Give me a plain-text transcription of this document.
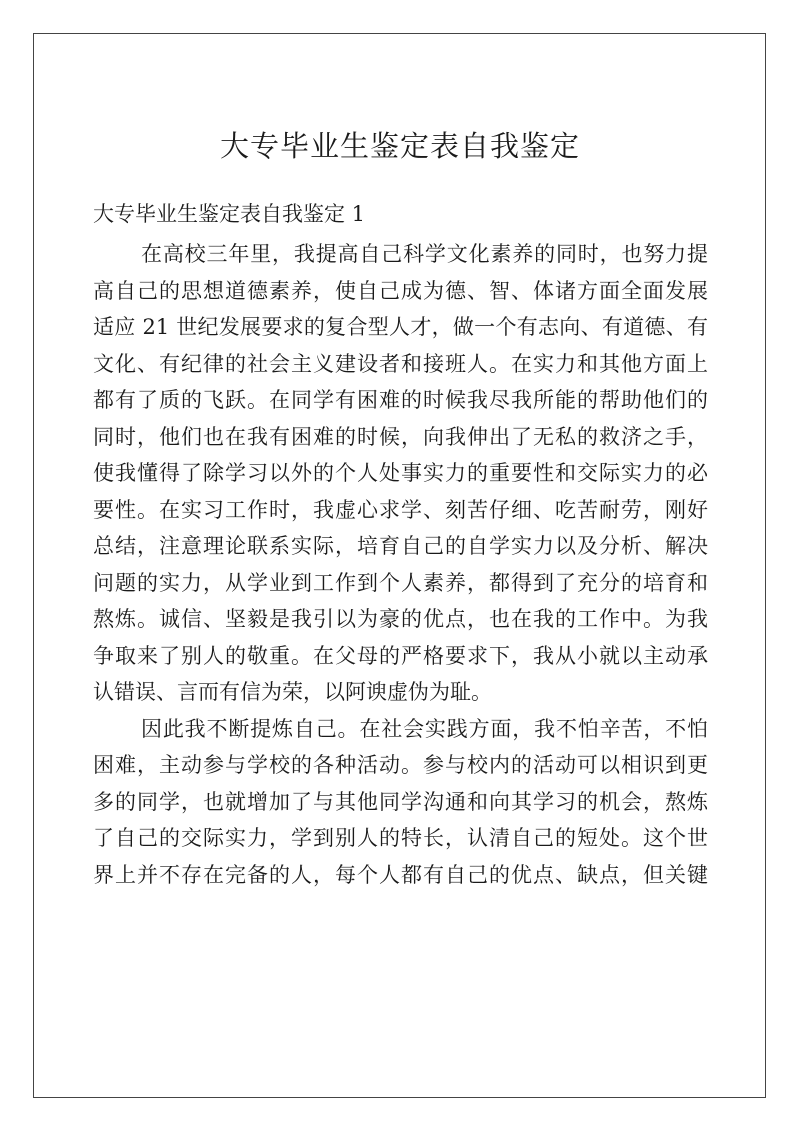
大专毕业生鉴定表自我鉴定

大专毕业生鉴定表自我鉴定 1

在高校三年里，我提高自己科学文化素养的同时，也努力提
高自己的思想道德素养，使自己成为德、智、体诸方面全面发展
适应 21 世纪发展要求的复合型人才，做一个有志向、有道德、有
文化、有纪律的社会主义建设者和接班人。在实力和其他方面上
都有了质的飞跃。在同学有困难的时候我尽我所能的帮助他们的
同时，他们也在我有困难的时候，向我伸出了无私的救济之手，
使我懂得了除学习以外的个人处事实力的重要性和交际实力的必
要性。在实习工作时，我虚心求学、刻苦仔细、吃苦耐劳，刚好
总结，注意理论联系实际，培育自己的自学实力以及分析、解决
问题的实力，从学业到工作到个人素养，都得到了充分的培育和
熬炼。诚信、坚毅是我引以为豪的优点，也在我的工作中。为我
争取来了别人的敬重。在父母的严格要求下，我从小就以主动承
认错误、言而有信为荣，以阿谀虚伪为耻。
因此我不断提炼自己。在社会实践方面，我不怕辛苦，不怕
困难，主动参与学校的各种活动。参与校内的活动可以相识到更
多的同学，也就增加了与其他同学沟通和向其学习的机会，熬炼
了自己的交际实力，学到别人的特长，认清自己的短处。这个世
界上并不存在完备的人，每个人都有自己的优点、缺点，但关键
